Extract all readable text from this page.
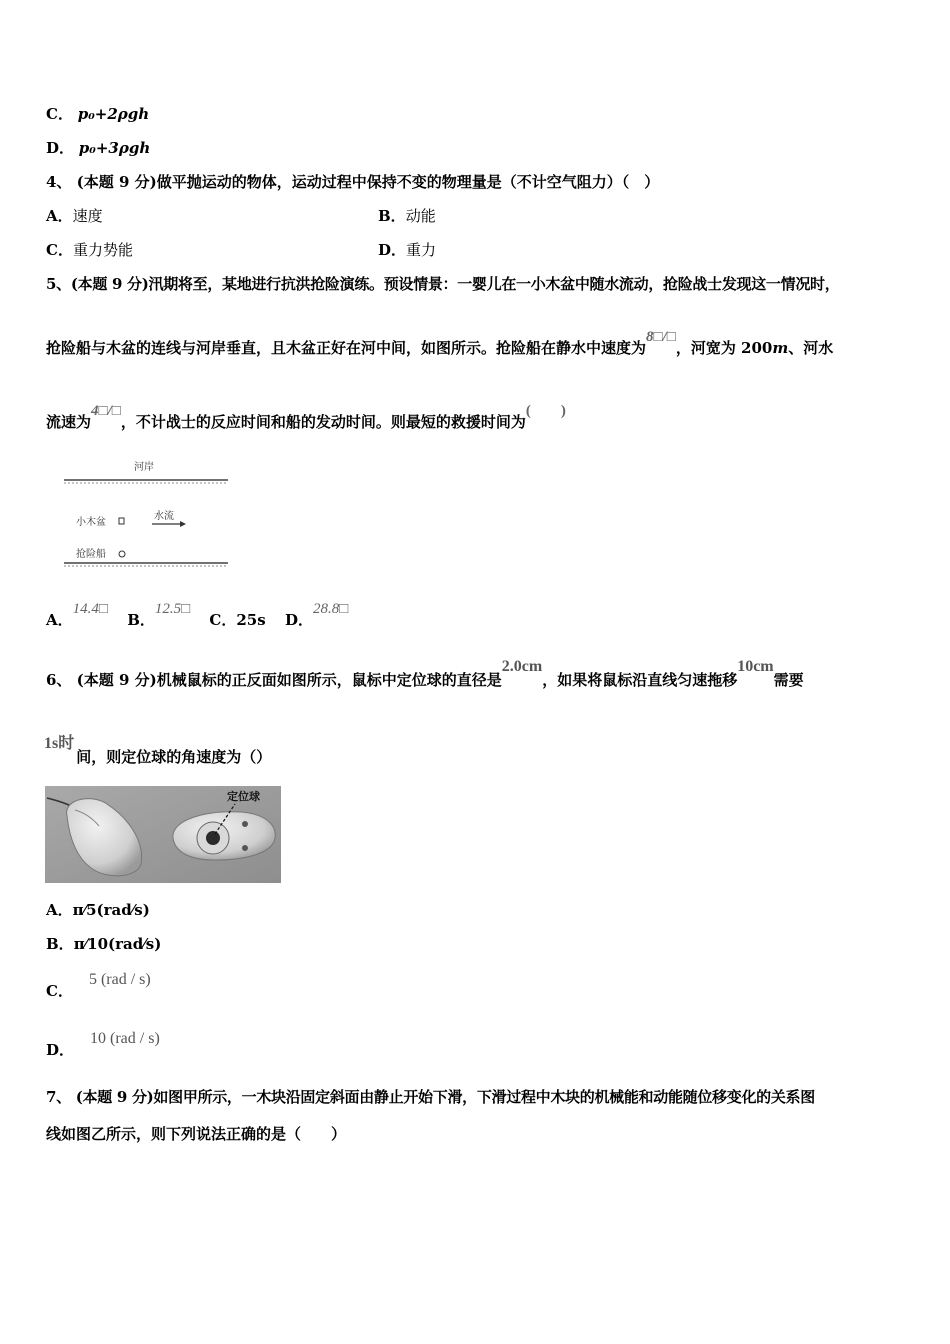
C． p₀+2ρgh
D． p₀+3ρgh
4、 (本题 9 分)做平抛运动的物体，运动过程中保持不变的物理量是（不计空气阻力）（　）
A．速度	B．动能
C．重力势能	D．重力
5、(本题 9 分)汛期将至，某地进行抗洪抢险演练。预设情景：一婴儿在一小木盆中随水流动，抢险战士发现这一情况时，
抢险船与木盆的连线与河岸垂直，且木盆正好在河中间，如图所示。抢险船在静水中速度为8□/□，河宽为 200m、河水
流速为4□/□，不计战士的反应时间和船的发动时间。则最短的救援时间为(　　)
河岸
小木盆
水流
抢险船
A．14.4□ B．12.5□ C．25s D．28.8□
6、 (本题 9 分)机械鼠标的正反面如图所示，鼠标中定位球的直径是2.0cm，如果将鼠标沿直线匀速拖移10cm需要
1s时间，则定位球的角速度为（）
定位球
A．π⁄5(rad⁄s)
B．π⁄10(rad⁄s)
C．5 (rad / s)
D．10 (rad / s)
7、 (本题 9 分)如图甲所示，一木块沿固定斜面由静止开始下滑，下滑过程中木块的机械能和动能随位移变化的关系图
线如图乙所示，则下列说法正确的是（　　）
